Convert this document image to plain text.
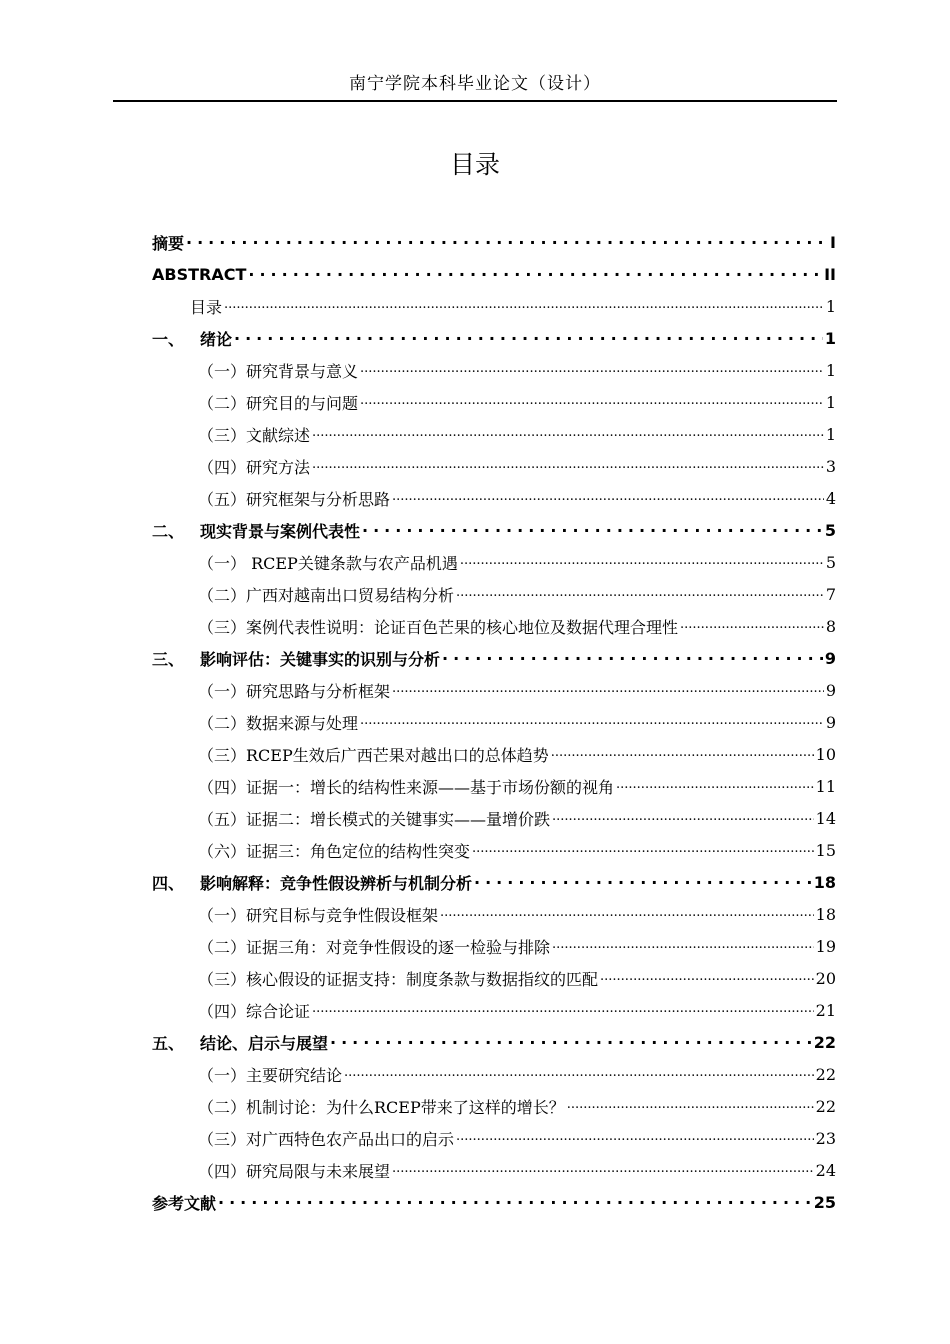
南宁学院本科毕业论文（设计）
目录
摘要 .....	I
ABSTRACT .....	II
目录 .....	1
一、 绪论 .....	1
（一）研究背景与意义 .....	1
（二）研究目的与问题 .....	1
（三）文献综述 .....	1
（四）研究方法 .....	3
（五）研究框架与分析思路 .....	4
二、 现实背景与案例代表性 .....	5
（一） RCEP关键条款与农产品机遇 .....	5
（二）广西对越南出口贸易结构分析 .....	7
（三）案例代表性说明：论证百色芒果的核心地位及数据代理合理性 .....	8
三、 影响评估：关键事实的识别与分析 .....	9
（一）研究思路与分析框架 .....	9
（二）数据来源与处理 .....	9
（三）RCEP生效后广西芒果对越出口的总体趋势 .....	10
（四）证据一：增长的结构性来源——基于市场份额的视角 .....	11
（五）证据二：增长模式的关键事实——量增价跌 .....	14
（六）证据三：角色定位的结构性突变 .....	15
四、 影响解释：竞争性假设辨析与机制分析 .....	18
（一）研究目标与竞争性假设框架 .....	18
（二）证据三角：对竞争性假设的逐一检验与排除 .....	19
（三）核心假设的证据支持：制度条款与数据指纹的匹配 .....	20
（四）综合论证 .....	21
五、 结论、启示与展望 .....	22
（一）主要研究结论 .....	22
（二）机制讨论：为什么RCEP带来了这样的增长？ .....	22
（三）对广西特色农产品出口的启示 .....	23
（四）研究局限与未来展望 .....	24
参考文献 .....	25
